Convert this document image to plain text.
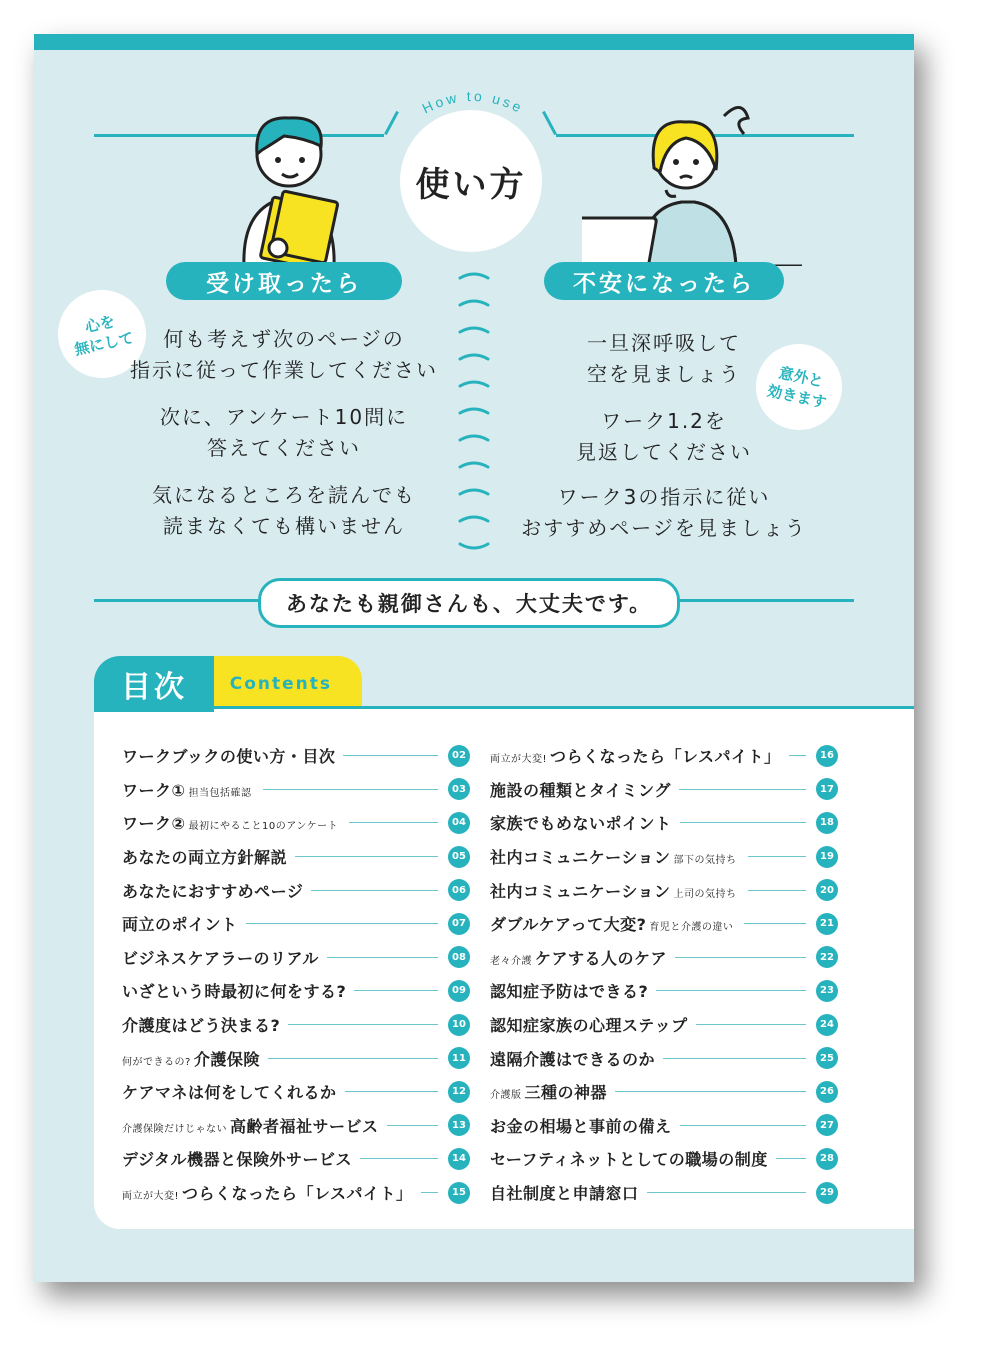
How to use
使い方
受け取ったら	不安になったら
心を
無にして
意外と
効きます
何も考えず次のページの
指示に従って作業してください
次に、アンケート10問に
答えてください
気になるところを読んでも
読まなくても構いません
一旦深呼吸して
空を見ましょう
ワーク1.2を
見返してください
ワーク3の指示に従い
おすすめページを見ましょう
あなたも親御さんも、大丈夫です。
Contents
目次
ワークブックの使い方・目次	02
ワーク① 担当包括確認	03
ワーク② 最初にやること10のアンケート	04
あなたの両立方針解説	05
あなたにおすすめページ	06
両立のポイント	07
ビジネスケアラーのリアル	08
いざという時最初に何をする?	09
介護度はどう決まる?	10
何ができるの? 介護保険	11
ケアマネは何をしてくれるか	12
介護保険だけじゃない 高齢者福祉サービス	13
デジタル機器と保険外サービス	14
両立が大変! つらくなったら「レスパイト」	15
両立が大変! つらくなったら「レスパイト」	16
施設の種類とタイミング	17
家族でもめないポイント	18
社内コミュニケーション 部下の気持ち	19
社内コミュニケーション 上司の気持ち	20
ダブルケアって大変? 育児と介護の違い	21
老々介護 ケアする人のケア	22
認知症予防はできる?	23
認知症家族の心理ステップ	24
遠隔介護はできるのか	25
介護版 三種の神器	26
お金の相場と事前の備え	27
セーフティネットとしての職場の制度	28
自社制度と申請窓口	29
